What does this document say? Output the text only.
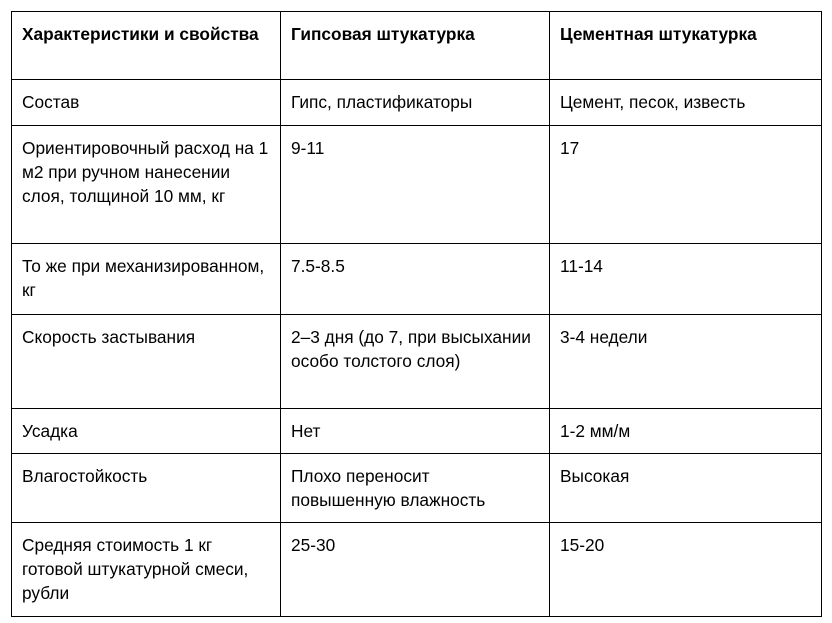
Характеристики и свойства	Гипсовая штукатурка	Цементная штукатурка
Состав	Гипс, пластификаторы	Цемент, песок, известь
Ориентировочный расход на 1 м2 при ручном нанесении слоя, толщиной 10 мм, кг	9-11	17
То же при механизированном, кг	7.5-8.5	11-14
Скорость застывания	2–3 дня (до 7, при высыхании особо толстого слоя)	3-4 недели
Усадка	Нет	1-2 мм/м
Влагостойкость	Плохо переносит повышенную влажность	Высокая
Средняя стоимость 1 кг готовой штукатурной смеси, рубли	25-30	15-20
